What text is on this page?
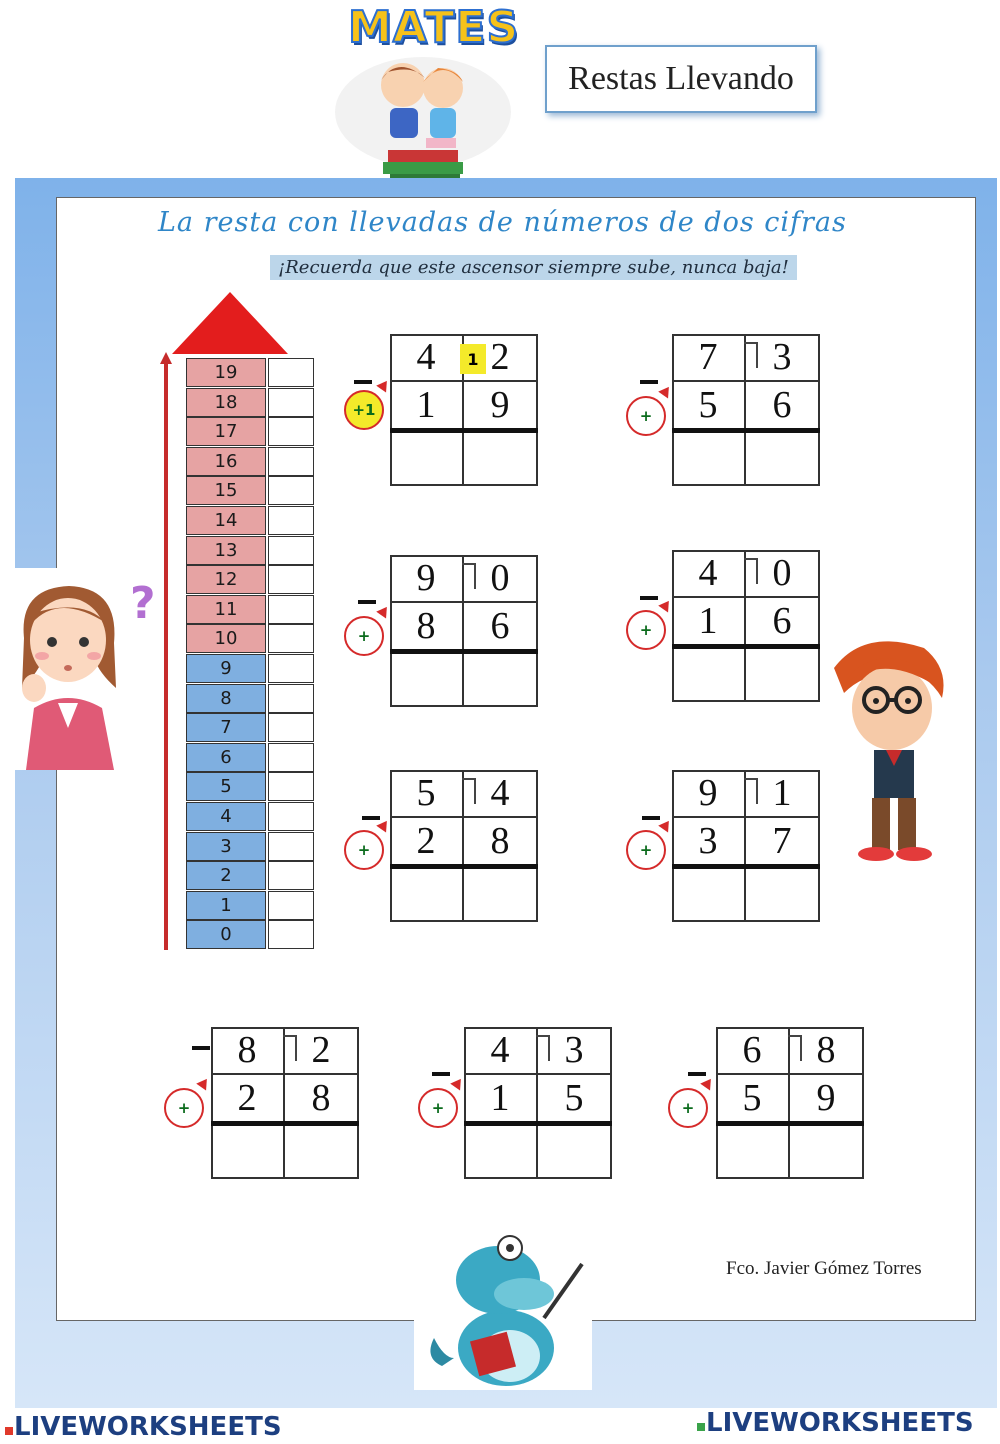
MATES
Restas Llevando
La resta con llevadas de números de dos cifras
¡Recuerda que este ascensor siempre sube, nunca baja!
19
18
17
16
15
14
13
12
11
10
9
8
7
6
5
4
3
2
1
0
?
4	2
1
1	9
+1
7	3
5	6
+
9	0
8	6
+
4	0
1	6
+
5	4
2	8
+
9	1
3	7
+
8	2
2	8
+
4	3
1	5
+
6	8
5	9
+
Fco. Javier Gómez Torres
LIVEWORKSHEETS	LIVEWORKSHEETS
